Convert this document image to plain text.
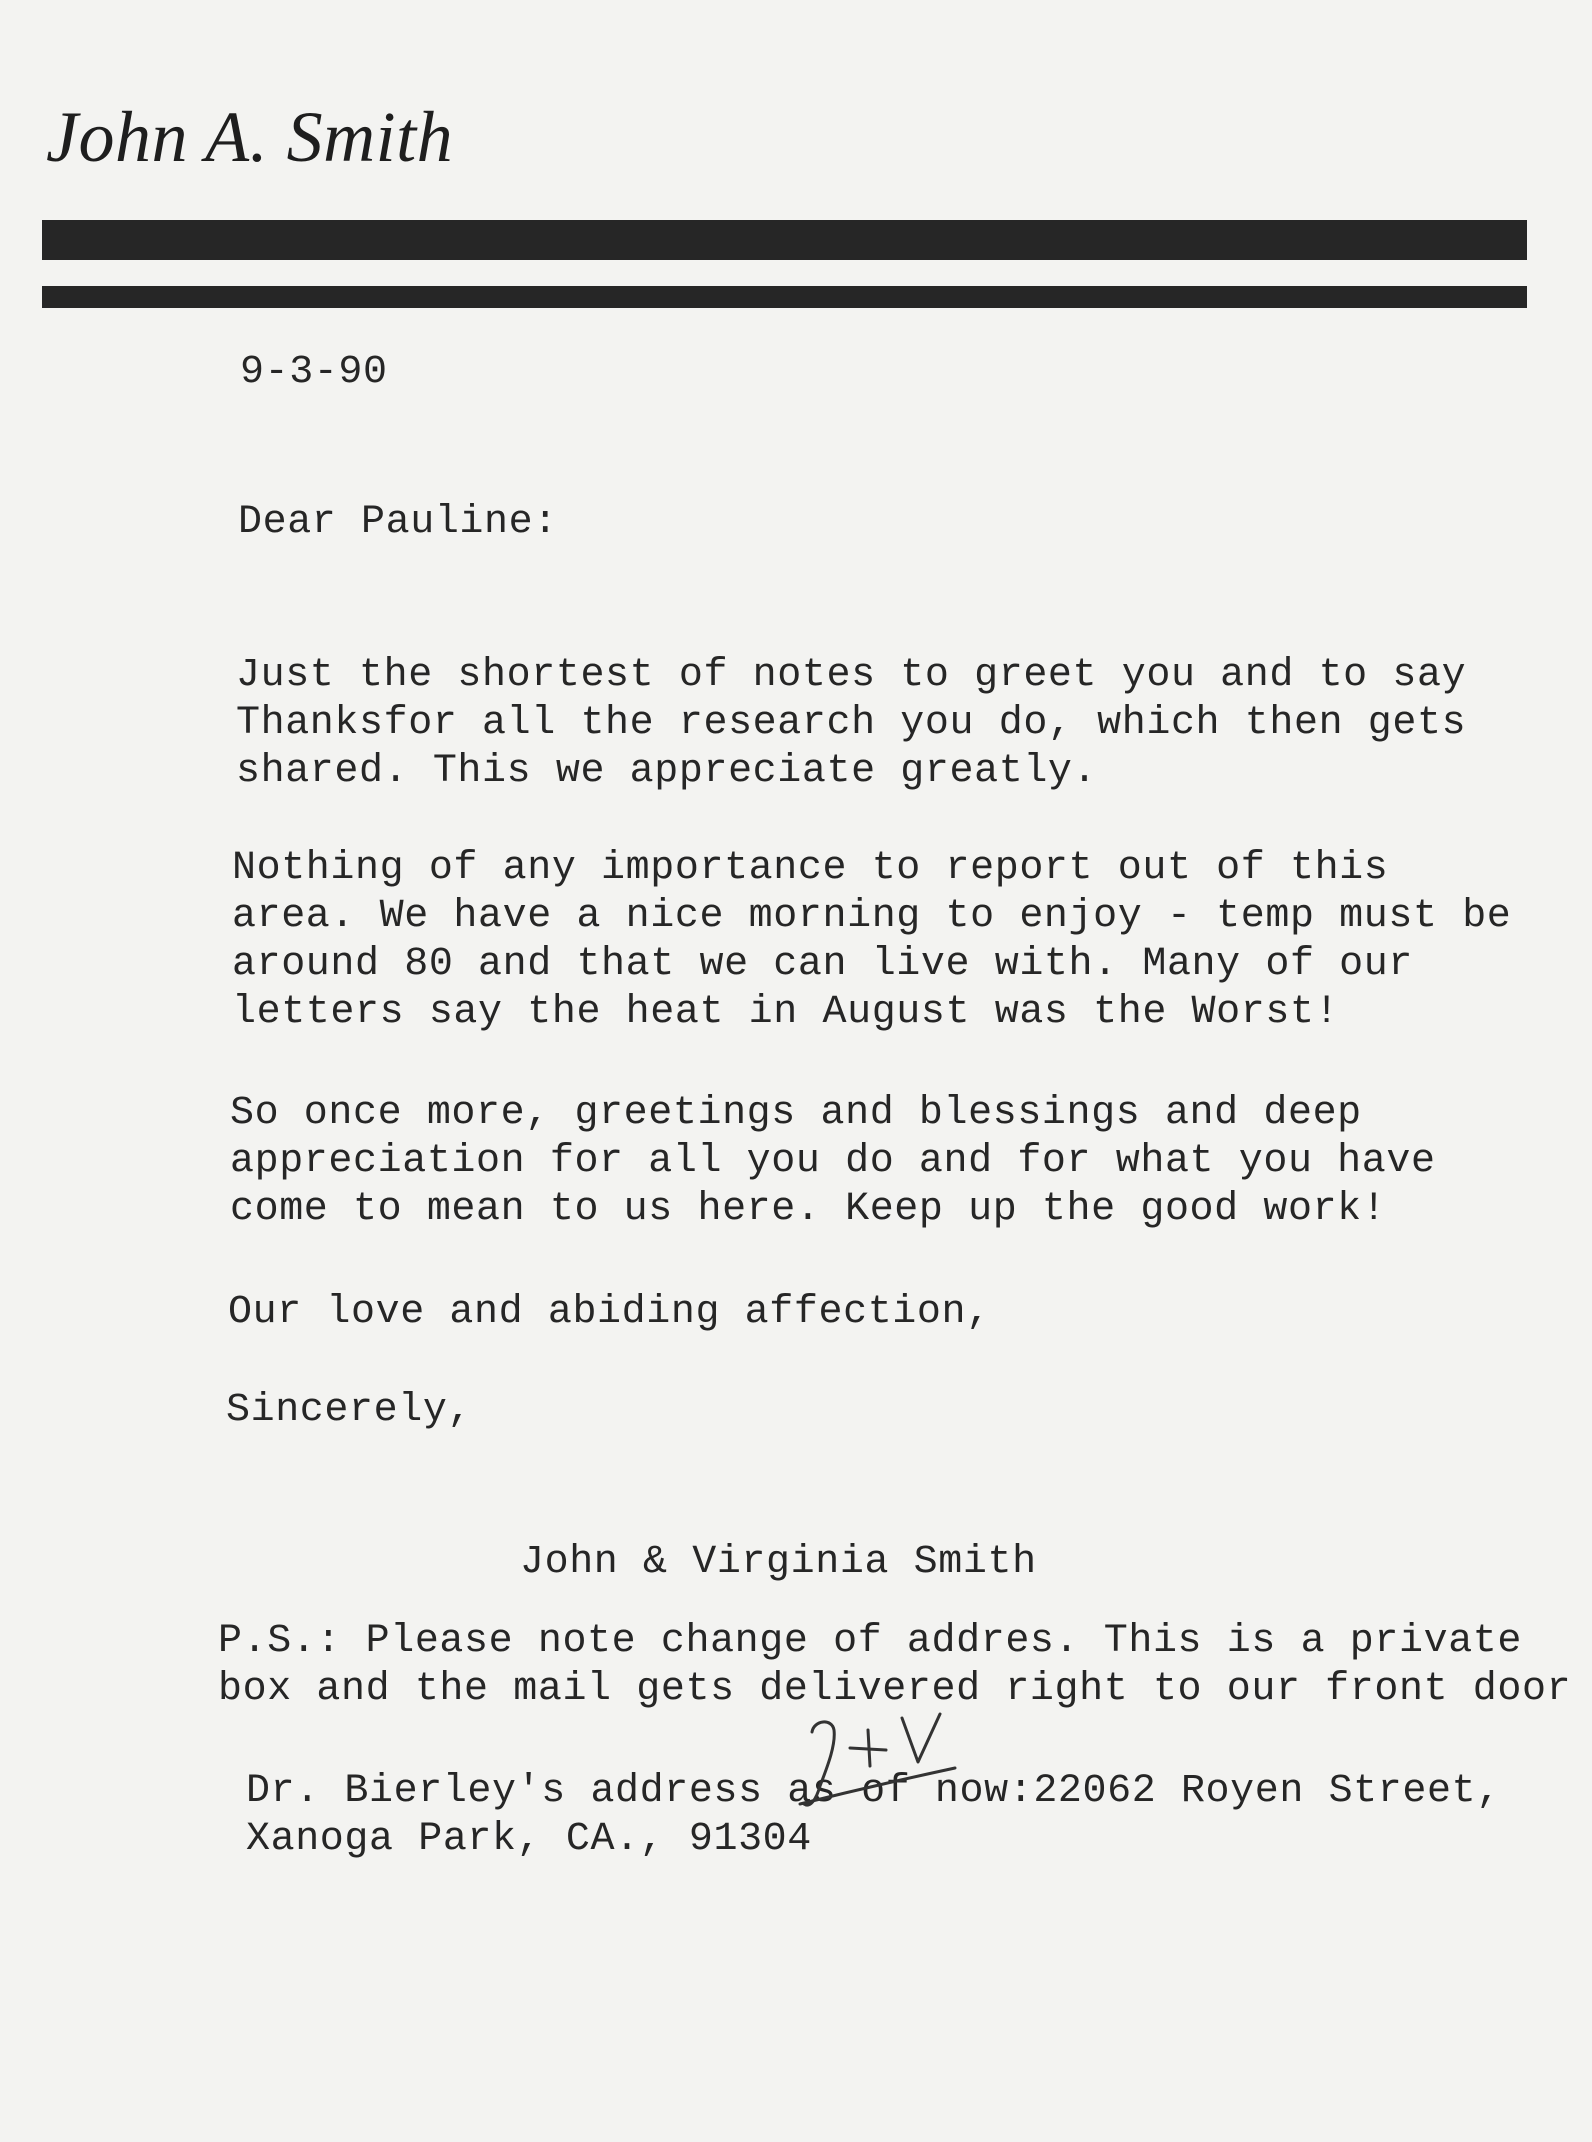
John A. Smith
9-3-90
Dear Pauline:
Just the shortest of notes to greet you and to say
Thanksfor all the research you do, which then gets
shared. This we appreciate greatly.
Nothing of any importance to report out of this
area. We have a nice morning to enjoy - temp must be
around 80 and that we can live with. Many of our
letters say the heat in August was the Worst!
So once more, greetings and blessings and deep
appreciation for all you do and for what you have
come to mean to us here. Keep up the good work!
Our love and abiding affection,
Sincerely,
John & Virginia Smith
P.S.: Please note change of addres. This is a private
box and the mail gets delivered right to our front door
Dr. Bierley's address as of now:22062 Royen Street,
Xanoga Park, CA., 91304
